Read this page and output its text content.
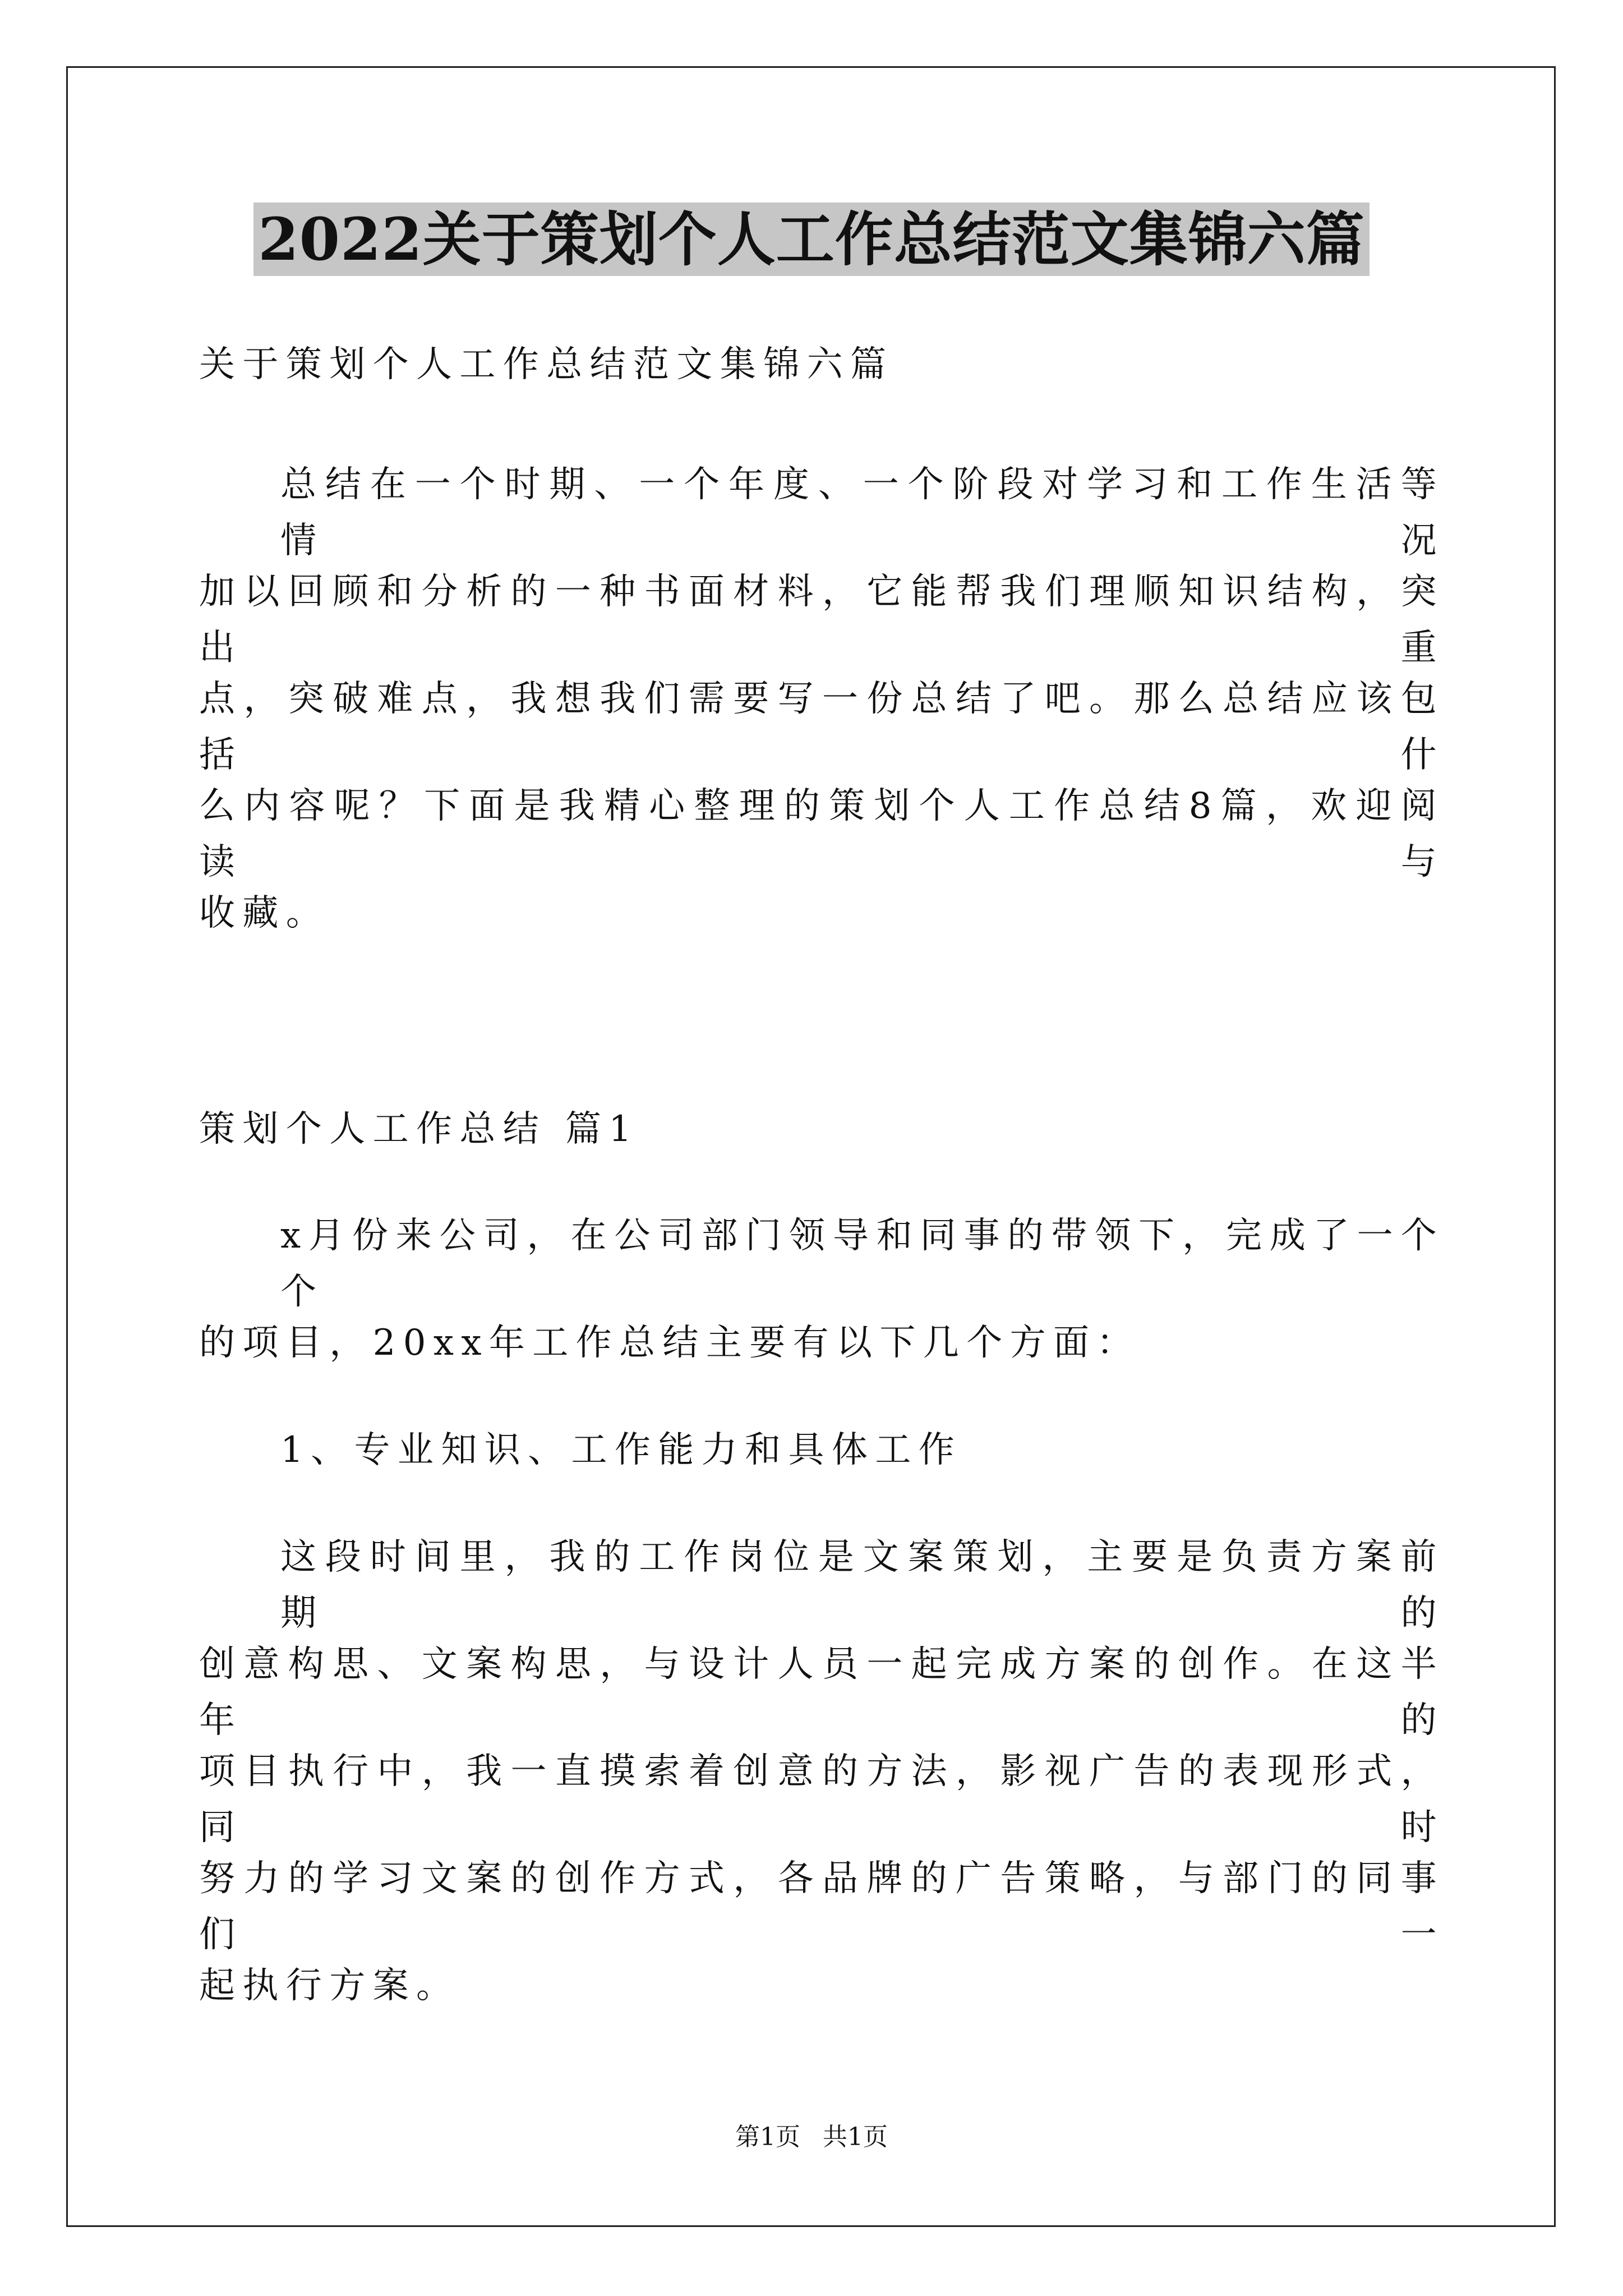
2022关于策划个人工作总结范文集锦六篇

关于策划个人工作总结范文集锦六篇

总结在一个时期、一个年度、一个阶段对学习和工作生活等情况

加以回顾和分析的一种书面材料，它能帮我们理顺知识结构，突出重

点，突破难点，我想我们需要写一份总结了吧。那么总结应该包括什

么内容呢？下面是我精心整理的策划个人工作总结8篇，欢迎阅读与

收藏。

策划个人工作总结 篇1

x月份来公司，在公司部门领导和同事的带领下，完成了一个个

的项目，20xx年工作总结主要有以下几个方面：

1、专业知识、工作能力和具体工作

这段时间里，我的工作岗位是文案策划，主要是负责方案前期的

创意构思、文案构思，与设计人员一起完成方案的创作。在这半年的

项目执行中，我一直摸索着创意的方法，影视广告的表现形式，同时

努力的学习文案的创作方式，各品牌的广告策略，与部门的同事们一

起执行方案。

第1页 共1页
